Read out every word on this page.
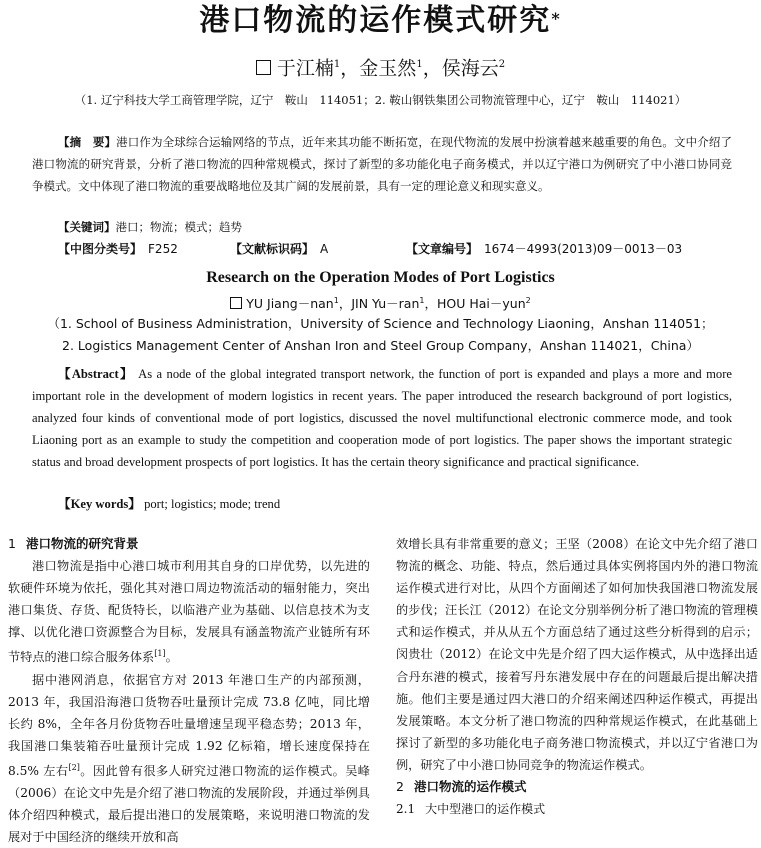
港口物流的运作模式研究*
于江楠$^1$，金玉然$^1$，侯海云$^2$
（1. 辽宁科技大学工商管理学院，辽宁　鞍山　114051；2. 鞍山钢铁集团公司物流管理中心，辽宁　鞍山　114021）
【摘　要】港口作为全球综合运输网络的节点，近年来其功能不断拓宽，在现代物流的发展中扮演着越来越重要的角色。文中介绍了港口物流的研究背景，分析了港口物流的四种常规模式，探讨了新型的多功能化电子商务模式，并以辽宁港口为例研究了中小港口协同竞争模式。文中体现了港口物流的重要战略地位及其广阔的发展前景，具有一定的理论意义和现实意义。
【关键词】港口；物流；模式；趋势
【中图分类号】　 F252	【文献标识码】　 A	【文章编号】　 1674－4993(2013)09－0013－03
Research on the Operation Modes of Port Logistics
YU Jiang－nan$^1$，JIN Yu－ran$^1$，HOU Hai－yun$^2$
（1. School of Business Administration，University of Science and Technology Liaoning，Anshan 114051；
2. Logistics Management Center of Anshan Iron and Steel Group Company，Anshan 114021，China）
【Abstract】 As a node of the global integrated transport network, the function of port is expanded and plays a more and more important role in the development of modern logistics in recent years. The paper introduced the research background of port logistics, analyzed four kinds of conventional mode of port logistics, discussed the novel multifunctional electronic commerce mode, and took Liaoning port as an example to study the competition and cooperation mode of port logistics. The paper shows the important strategic status and broad development prospects of port logistics. It has the certain theory significance and practical significance.
【Key words】 port; logistics; mode; trend
1 港口物流的研究背景

港口物流是指中心港口城市利用其自身的口岸优势，以先进的软硬件环境为依托，强化其对港口周边物流活动的辐射能力，突出港口集货、存货、配货特长，以临港产业为基础、以信息技术为支撑、以优化港口资源整合为目标，发展具有涵盖物流产业链所有环节特点的港口综合服务体系[1]。

据中港网消息，依据官方对 2013 年港口生产的内部预测，2013 年，我国沿海港口货物吞吐量预计完成 73.8 亿吨，同比增长约 8%，全年各月份货物吞吐量增速呈现平稳态势；2013 年，我国港口集装箱吞吐量预计完成 1.92 亿标箱，增长速度保持在 8.5% 左右[2]。因此曾有很多人研究过港口物流的运作模式。吴峰（2006）在论文中先是介绍了港口物流的发展阶段，并通过举例具体介绍四种模式，最后提出港口的发展策略，来说明港口物流的发展对于中国经济的继续开放和高

效增长具有非常重要的意义；王坚（2008）在论文中先介绍了港口物流的概念、功能、特点，然后通过具体实例将国内外的港口物流运作模式进行对比，从四个方面阐述了如何加快我国港口物流发展的步伐；汪长江（2012）在论文分别举例分析了港口物流的管理模式和运作模式，并从从五个方面总结了通过这些分析得到的启示；闵贵壮（2012）在论文中先是介绍了四大运作模式，从中选择出适合丹东港的模式，接着写丹东港发展中存在的问题最后提出解决措施。他们主要是通过四大港口的介绍来阐述四种运作模式，再提出发展策略。本文分析了港口物流的四种常规运作模式，在此基础上探讨了新型的多功能化电子商务港口物流模式，并以辽宁省港口为例，研究了中小港口协同竞争的物流运作模式。

2 港口物流的运作模式
2.1 大中型港口的运作模式
